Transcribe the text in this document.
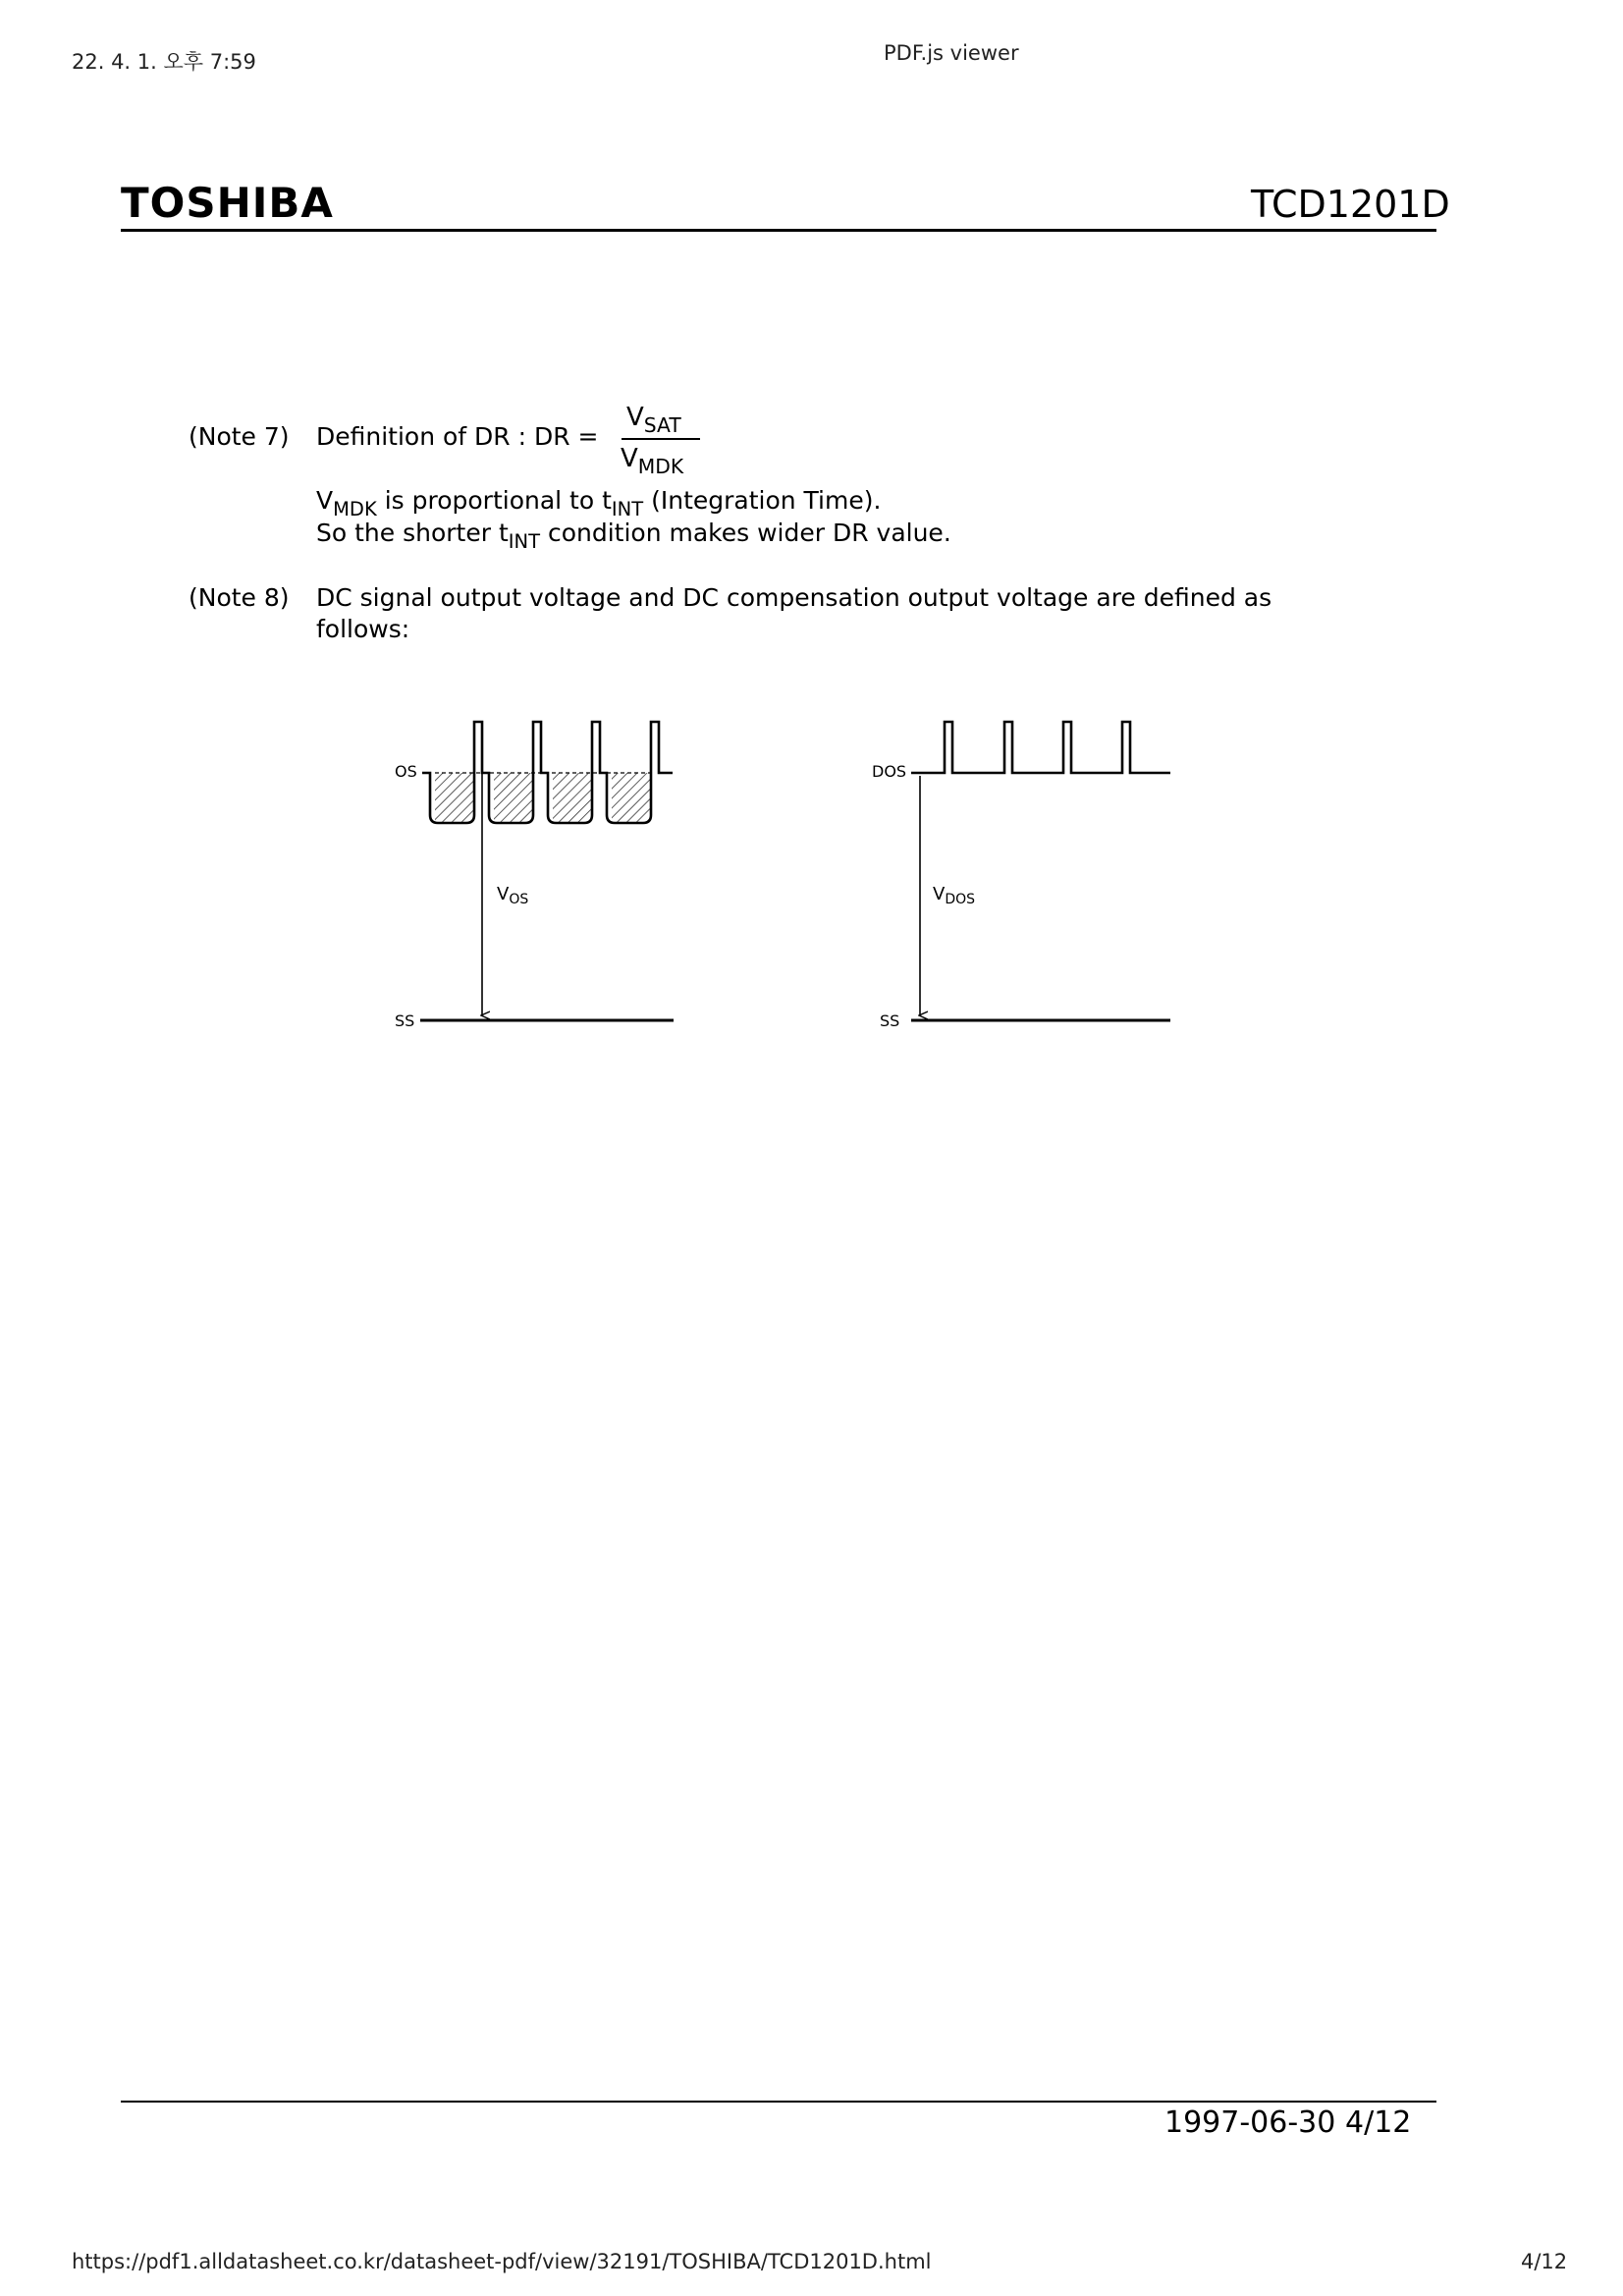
22. 4. 1. 오후 7:59	PDF.js viewer
TOSHIBA	TCD1201D
(Note 7) Definition of DR : DR =
$V_{SAT}$
$V_{MDK}$
$V_{MDK}$ is proportional to $t_{INT}$ (Integration Time).
So the shorter $t_{INT}$ condition makes wider DR value.
(Note 8) DC signal output voltage and DC compensation output voltage are defined as
follows:
OS
SS
$V_{OS}$
DOS
SS
$V_{DOS}$
1997-06-30 4/12
https://pdf1.alldatasheet.co.kr/datasheet-pdf/view/32191/TOSHIBA/TCD1201D.html	4/12
